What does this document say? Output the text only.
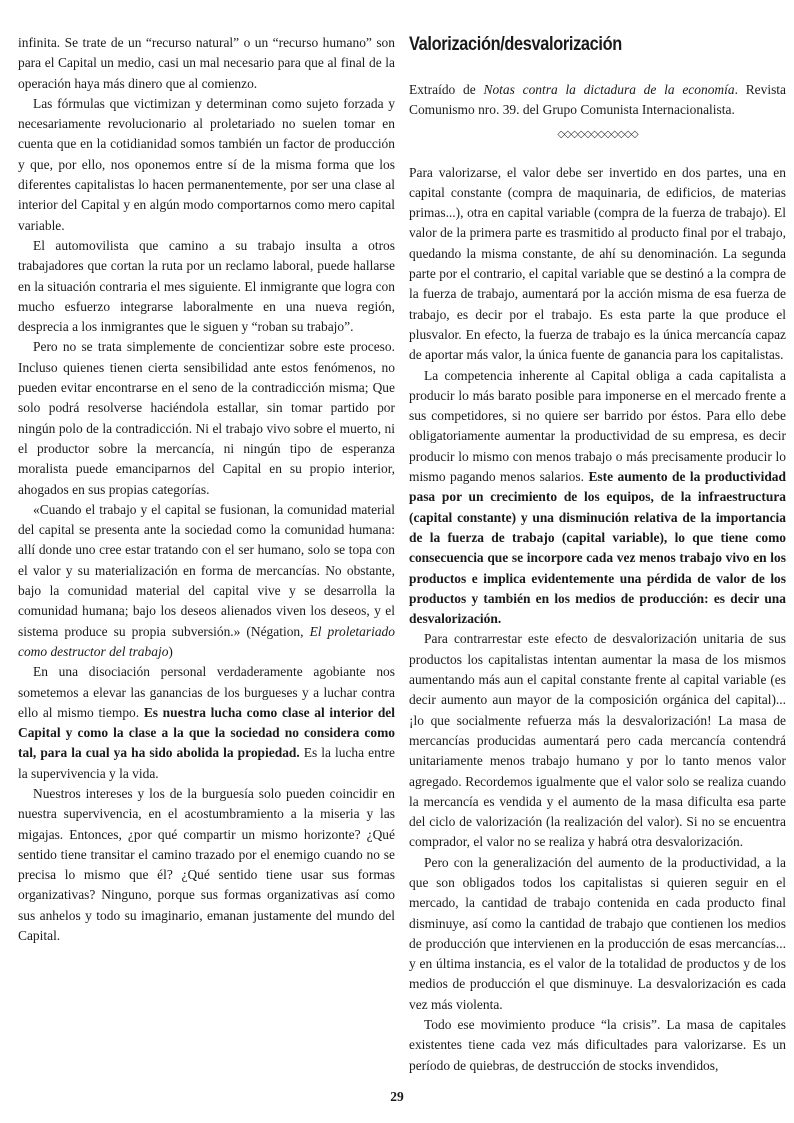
infinita. Se trate de un “recurso natural” o un “recurso humano” son para el Capital un medio, casi un mal necesario para que al final de la operación haya más dinero que al comienzo.

Las fórmulas que victimizan y determinan como sujeto forzada y necesariamente revolucionario al proletariado no suelen tomar en cuenta que en la cotidianidad somos también un factor de producción y que, por ello, nos oponemos entre sí de la misma forma que los diferentes capitalistas lo hacen permanentemente, por ser una clase al interior del Capital y en algún modo comportarnos como mero capital variable.

El automovilista que camino a su trabajo insulta a otros trabajadores que cortan la ruta por un reclamo laboral, puede hallarse en la situación contraria el mes siguiente. El inmigrante que logra con mucho esfuerzo integrarse laboralmente en una nueva región, desprecia a los inmigrantes que le siguen y “roban su trabajo”.

Pero no se trata simplemente de concientizar sobre este proceso. Incluso quienes tienen cierta sensibilidad ante estos fenómenos, no pueden evitar encontrarse en el seno de la contradicción misma; Que solo podrá resolverse haciéndola estallar, sin tomar partido por ningún polo de la contradicción. Ni el trabajo vivo sobre el muerto, ni el productor sobre la mercancía, ni ningún tipo de esperanza moralista puede emanciparnos del Capital en su propio interior, ahogados en sus propias categorías.

«Cuando el trabajo y el capital se fusionan, la comunidad material del capital se presenta ante la sociedad como la comunidad humana: allí donde uno cree estar tratando con el ser humano, solo se topa con el valor y su materialización en forma de mercancías. No obstante, bajo la comunidad material del capital vive y se desarrolla la comunidad humana; bajo los deseos alienados viven los deseos, y el sistema produce su propia subversión.» (Négation, El proletariado como destructor del trabajo)

En una disociación personal verdaderamente agobiante nos sometemos a elevar las ganancias de los burgueses y a luchar contra ello al mismo tiempo. Es nuestra lucha como clase al interior del Capital y como la clase a la que la sociedad no considera como tal, para la cual ya ha sido abolida la propiedad. Es la lucha entre la supervivencia y la vida.

Nuestros intereses y los de la burguesía solo pueden coincidir en nuestra supervivencia, en el acostumbramiento a la miseria y las migajas. Entonces, ¿por qué compartir un mismo horizonte? ¿Qué sentido tiene transitar el camino trazado por el enemigo cuando no se precisa lo mismo que él? ¿Qué sentido tiene usar sus formas organizativas? Ninguno, porque sus formas organizativas así como sus anhelos y todo su imaginario, emanan justamente del mundo del Capital.

Valorización/desvalorización

Extraído de Notas contra la dictadura de la economía. Revista Comunismo nro. 39. del Grupo Comunista Internacionalista.

◇◇◇◇◇◇◇◇◇◇◇◇

Para valorizarse, el valor debe ser invertido en dos partes, una en capital constante (compra de maquinaria, de edificios, de materias primas...), otra en capital variable (compra de la fuerza de trabajo). El valor de la primera parte es trasmitido al producto final por el trabajo, quedando la misma constante, de ahí su denominación. La segunda parte por el contrario, el capital variable que se destinó a la compra de la fuerza de trabajo, aumentará por la acción misma de esa fuerza de trabajo, es decir por el trabajo. Es esta parte la que produce el plusvalor. En efecto, la fuerza de trabajo es la única mercancía capaz de aportar más valor, la única fuente de ganancia para los capitalistas.

La competencia inherente al Capital obliga a cada capitalista a producir lo más barato posible para imponerse en el mercado frente a sus competidores, si no quiere ser barrido por éstos. Para ello debe obligatoriamente aumentar la productividad de su empresa, es decir producir lo mismo con menos trabajo o más precisamente producir lo mismo pagando menos salarios. Este aumento de la productividad pasa por un crecimiento de los equipos, de la infraestructura (capital constante) y una disminución relativa de la importancia de la fuerza de trabajo (capital variable), lo que tiene como consecuencia que se incorpore cada vez menos trabajo vivo en los productos e implica evidentemente una pérdida de valor de los productos y también en los medios de producción: es decir una desvalorización.

Para contrarrestar este efecto de desvalorización unitaria de sus productos los capitalistas intentan aumentar la masa de los mismos aumentando más aun el capital constante frente al capital variable (es decir aumento aun mayor de la composición orgánica del capital)... ¡lo que socialmente refuerza más la desvalorización! La masa de mercancías producidas aumentará pero cada mercancía contendrá unitariamente menos trabajo humano y por lo tanto menos valor agregado. Recordemos igualmente que el valor solo se realiza cuando la mercancía es vendida y el aumento de la masa dificulta esa parte del ciclo de valorización (la realización del valor). Si no se encuentra comprador, el valor no se realiza y habrá otra desvalorización.

Pero con la generalización del aumento de la productividad, a la que son obligados todos los capitalistas si quieren seguir en el mercado, la cantidad de trabajo contenida en cada producto final disminuye, así como la cantidad de trabajo que contienen los medios de producción que intervienen en la producción de esas mercancías... y en última instancia, es el valor de la totalidad de productos y de los medios de producción el que disminuye. La desvalorización es cada vez más violenta.

Todo ese movimiento produce “la crisis”. La masa de capitales existentes tiene cada vez más dificultades para valorizarse. Es un período de quiebras, de destrucción de stocks invendidos,

29
